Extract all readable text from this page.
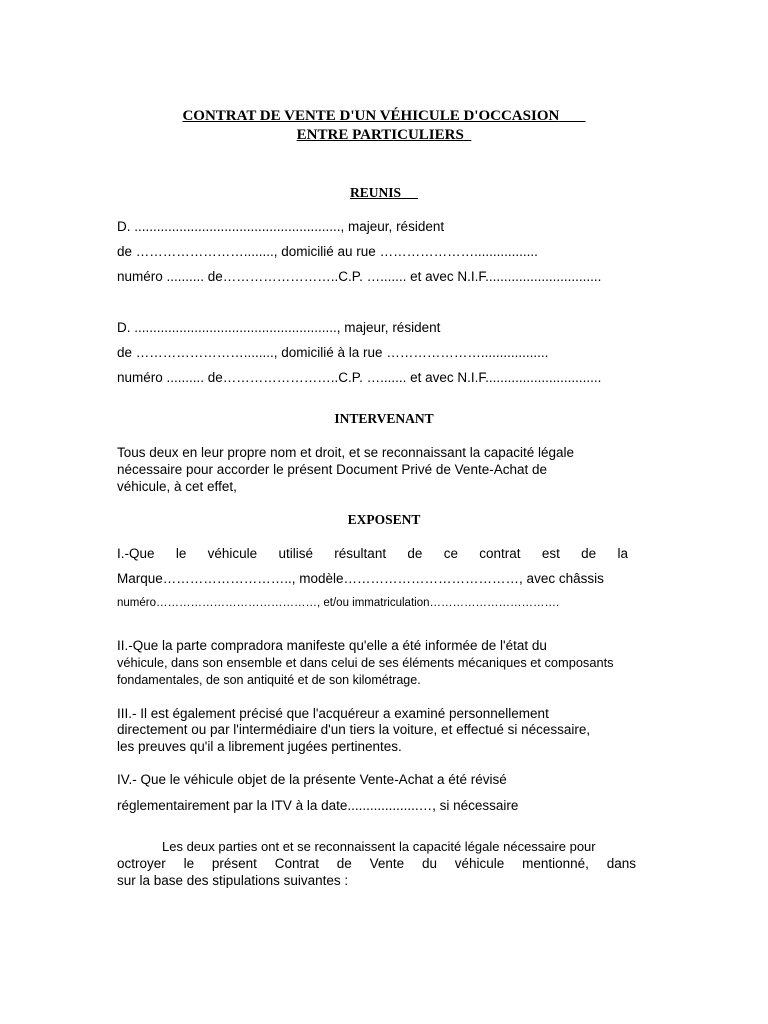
CONTRAT DE VENTE D'UN VÉHICULE D'OCCASION
ENTRE PARTICULIERS
REUNIS
D. ......................................................., majeur, résident
de ……………………........, domicilié au rue ………………….................
numéro .......... de……………………..C.P. …....... et avec N.I.F...............................
D. ......................................................, majeur, résident
de ……………………........, domicilié à la rue …………………..................
numéro .......... de……………………..C.P. …....... et avec N.I.F...............................
INTERVENANT
Tous deux en leur propre nom et droit, et se reconnaissant la capacité légale
nécessaire pour accorder le présent Document Privé de Vente-Achat de
véhicule, à cet effet,
EXPOSENT
I.-Que le véhicule utilisé résultant de ce contrat est de la
Marque……………………….., modèle…………………………………, avec châssis
numéro……………………………………, et/ou immatriculation…………………………….
II.-Que la parte compradora manifeste qu'elle a été informée de l'état du
véhicule, dans son ensemble et dans celui de ses éléments mécaniques et composants
fondamentales, de son antiquité et de son kilométrage.
III.- Il est également précisé que l'acquéreur a examiné personnellement
directement ou par l'intermédiaire d'un tiers la voiture, et effectué si nécessaire,
les preuves qu'il a librement jugées pertinentes.
IV.- Que le véhicule objet de la présente Vente-Achat a été révisé
réglementairement par la ITV à la date...................…, si nécessaire
Les deux parties ont et se reconnaissent la capacité légale nécessaire pour
octroyer le présent Contrat de Vente du véhicule mentionné, dans
sur la base des stipulations suivantes :
